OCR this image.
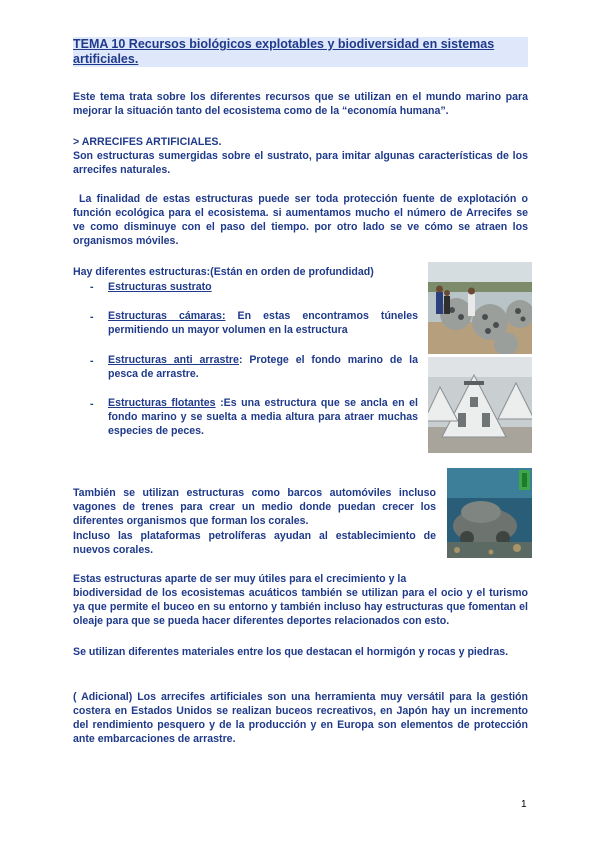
TEMA 10 Recursos biológicos explotables y biodiversidad en sistemas artificiales.

Este tema trata sobre los diferentes recursos que se utilizan en el mundo marino para mejorar la situación tanto del ecosistema como de la “economía humana”.

> ARRECIFES ARTIFICIALES.

Son estructuras sumergidas sobre el sustrato, para imitar algunas características de los arrecifes naturales.

La finalidad de estas estructuras puede ser toda protección fuente de explotación o función ecológica para el ecosistema. si aumentamos mucho el número de Arrecifes se ve como disminuye con el paso del tiempo. por otro lado se ve cómo se atraen los organismos móviles.

Hay diferentes estructuras:(Están en orden de profundidad)

- Estructuras sustrato
- Estructuras cámaras: En estas encontramos túneles permitiendo un mayor volumen en la estructura
- Estructuras anti arrastre: Protege el fondo marino de la pesca de arrastre.
- Estructuras flotantes :Es una estructura que se ancla en el fondo marino y se suelta a media altura para atraer muchas especies de peces.

También se utilizan estructuras como barcos automóviles incluso vagones de trenes para crear un medio donde puedan crecer los diferentes organismos que forman los corales.

Incluso las plataformas petrolíferas ayudan al establecimiento de nuevos corales.

Estas estructuras aparte de ser muy útiles para el crecimiento y la

biodiversidad de los ecosistemas acuáticos también se utilizan para el ocio y el turismo ya que permite el buceo en su entorno y también incluso hay estructuras que fomentan el oleaje para que se pueda hacer diferentes deportes relacionados con esto.

Se utilizan diferentes materiales entre los que destacan el hormigón y rocas y piedras.

( Adicional) Los arrecifes artificiales son una herramienta muy versátil para la gestión costera en Estados Unidos se realizan buceos recreativos, en Japón hay un incremento del rendimiento pesquero y de la producción y en Europa son elementos de protección ante embarcaciones de arrastre.

1
